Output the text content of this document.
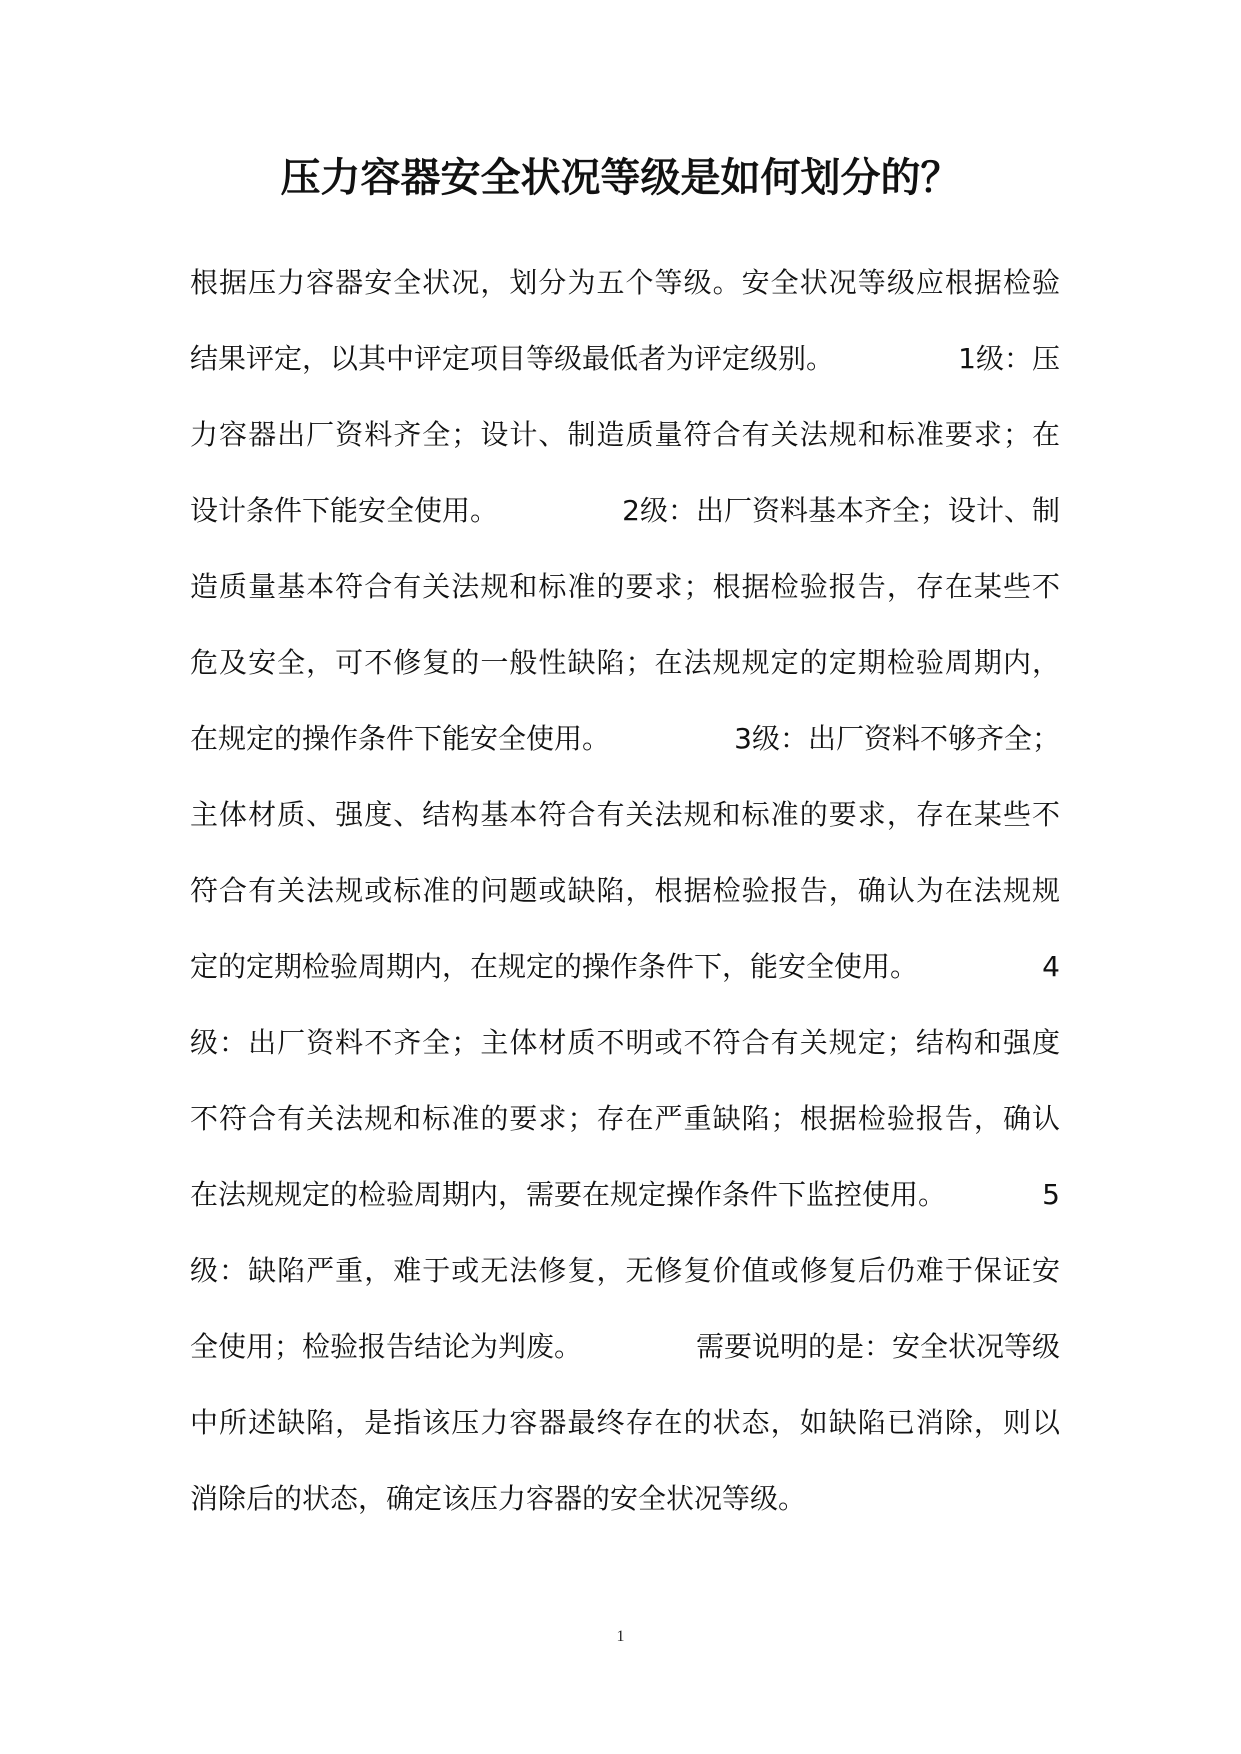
压力容器安全状况等级是如何划分的？
根据压力容器安全状况，划分为五个等级。安全状况等级应根据检验
结果评定，以其中评定项目等级最低者为评定级别。	1级：压
力容器出厂资料齐全；设计、制造质量符合有关法规和标准要求；在
设计条件下能安全使用。	2级：出厂资料基本齐全；设计、制
造质量基本符合有关法规和标准的要求；根据检验报告，存在某些不
危及安全，可不修复的一般性缺陷；在法规规定的定期检验周期内，
在规定的操作条件下能安全使用。	3级：出厂资料不够齐全；
主体材质、强度、结构基本符合有关法规和标准的要求，存在某些不
符合有关法规或标准的问题或缺陷，根据检验报告，确认为在法规规
定的定期检验周期内，在规定的操作条件下，能安全使用。	4
级：出厂资料不齐全；主体材质不明或不符合有关规定；结构和强度
不符合有关法规和标准的要求；存在严重缺陷；根据检验报告，确认
在法规规定的检验周期内，需要在规定操作条件下监控使用。	5
级：缺陷严重，难于或无法修复，无修复价值或修复后仍难于保证安
全使用；检验报告结论为判废。	需要说明的是：安全状况等级
中所述缺陷，是指该压力容器最终存在的状态，如缺陷已消除，则以
消除后的状态，确定该压力容器的安全状况等级。
1
